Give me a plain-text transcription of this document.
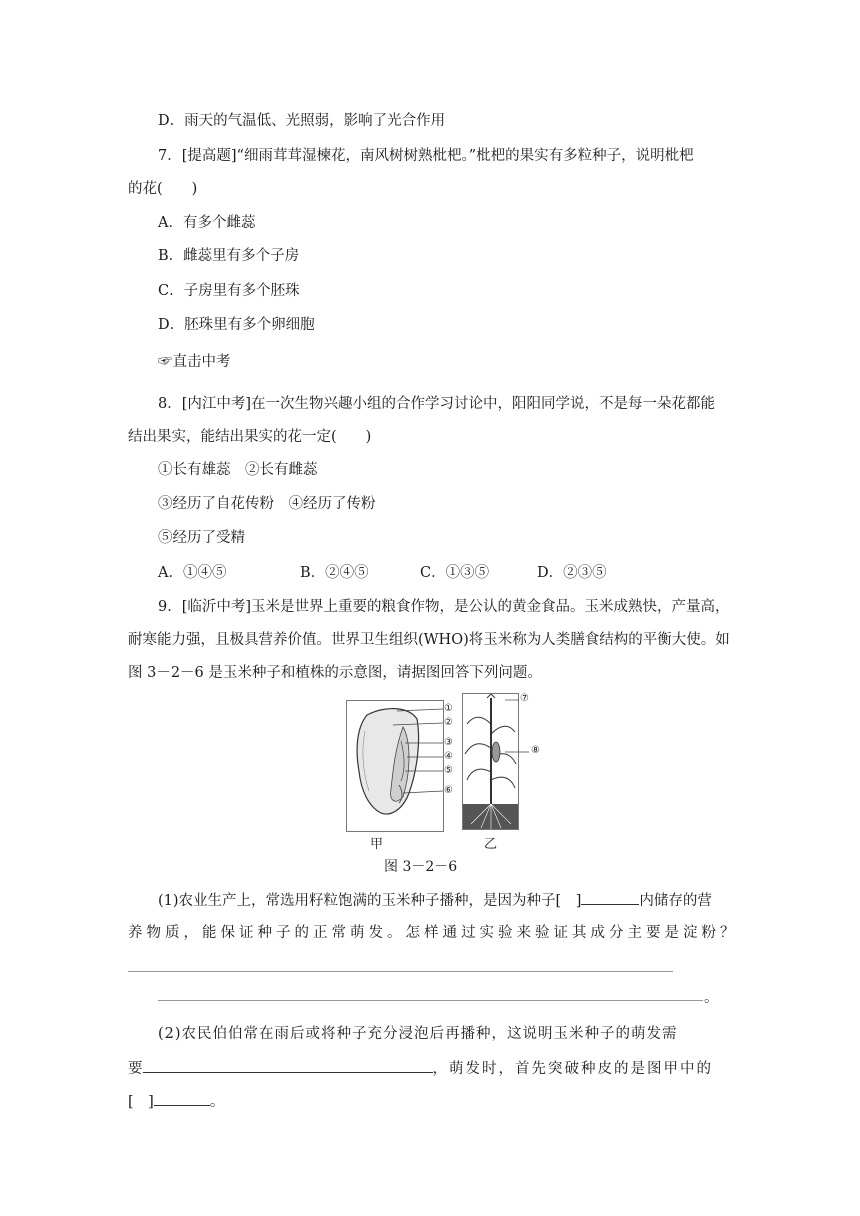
D．雨天的气温低、光照弱，影响了光合作用
7．[提高题]“细雨茸茸湿楝花，南风树树熟枇杷。”枇杷的果实有多粒种子，说明枇杷
的花(　　)
A．有多个雌蕊
B．雌蕊里有多个子房
C．子房里有多个胚珠
D．胚珠里有多个卵细胞
☞直击中考
8．[内江中考]在一次生物兴趣小组的合作学习讨论中，阳阳同学说，不是每一朵花都能
结出果实，能结出果实的花一定(　　)
①长有雄蕊　②长有雌蕊
③经历了自花传粉　④经历了传粉
⑤经历了受精
A．①④⑤	B．②④⑤	C．①③⑤	D．②③⑤
9．[临沂中考]玉米是世界上重要的粮食作物，是公认的黄金食品。玉米成熟快，产量高，
耐寒能力强，且极具营养价值。世界卫生组织(WHO)将玉米称为人类膳食结构的平衡大使。如
图 3－2－6 是玉米种子和植株的示意图，请据图回答下列问题。
①
②
③
④
⑤
⑥
甲
⑦
⑧
乙
图 3－2－6
(1)农业生产上，常选用籽粒饱满的玉米种子播种，是因为种子[　]	内储存的营
养物质，能保证种子的正常萌发。怎样通过实验来验证其成分主要是淀粉？
。
(2)农民伯伯常在雨后或将种子充分浸泡后再播种，这说明玉米种子的萌发需
要	，萌发时，首先突破种皮的是图甲中的
[　]	。
